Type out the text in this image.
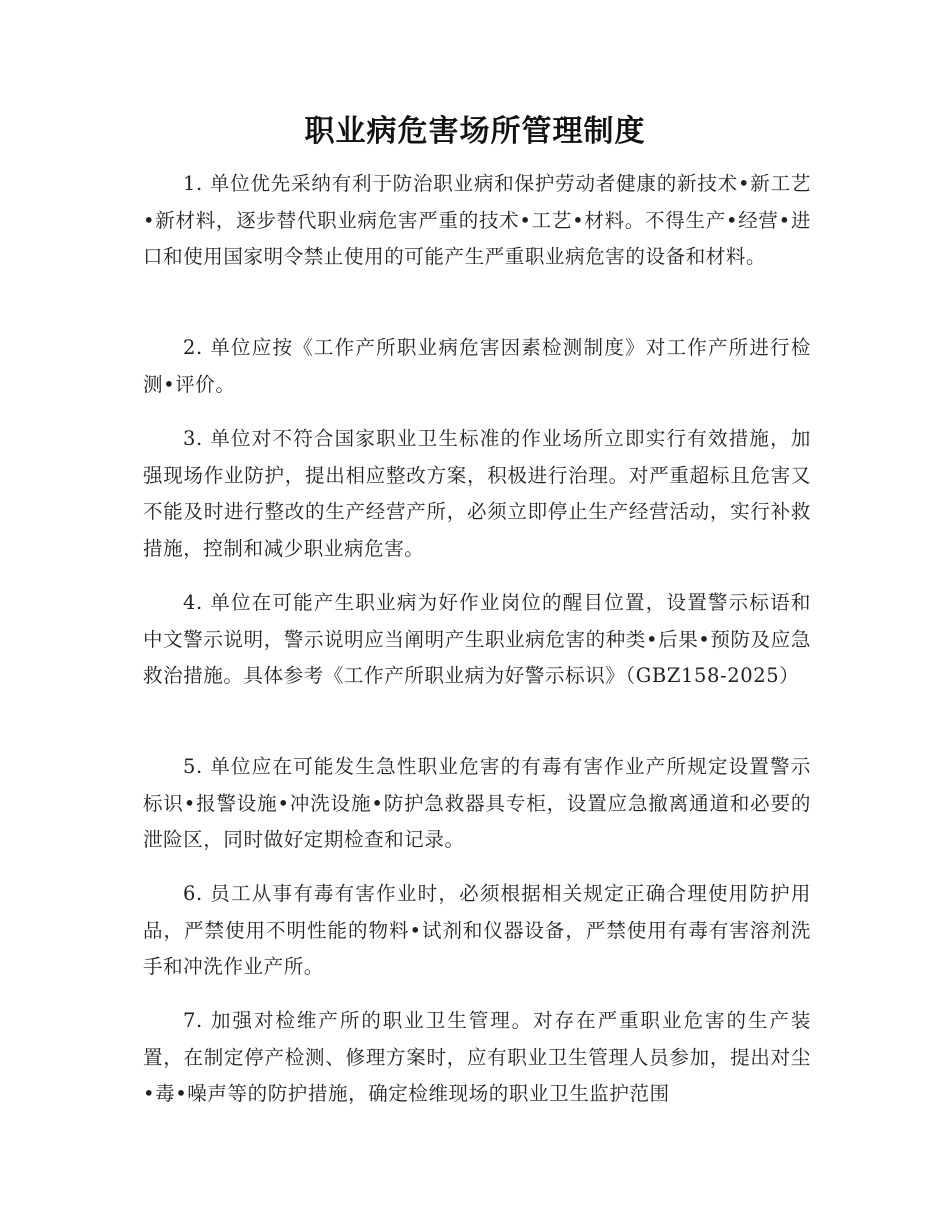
职业病危害场所管理制度

1. 单位优先采纳有利于防治职业病和保护劳动者健康的新技术•新工艺•新材料，逐步替代职业病危害严重的技术•工艺•材料。不得生产•经营•进口和使用国家明令禁止使用的可能产生严重职业病危害的设备和材料。

2. 单位应按《工作产所职业病危害因素检测制度》对工作产所进行检测•评价。

3. 单位对不符合国家职业卫生标准的作业场所立即实行有效措施，加强现场作业防护，提出相应整改方案，积极进行治理。对严重超标且危害又不能及时进行整改的生产经营产所，必须立即停止生产经营活动，实行补救措施，控制和减少职业病危害。

4. 单位在可能产生职业病为好作业岗位的醒目位置，设置警示标语和中文警示说明，警示说明应当阐明产生职业病危害的种类•后果•预防及应急救治措施。具体参考《工作产所职业病为好警示标识》（GBZ158-2025）

5. 单位应在可能发生急性职业危害的有毒有害作业产所规定设置警示标识•报警设施•冲洗设施•防护急救器具专柜，设置应急撤离通道和必要的泄险区，同时做好定期检查和记录。

6. 员工从事有毒有害作业时，必须根据相关规定正确合理使用防护用品，严禁使用不明性能的物料•试剂和仪器设备，严禁使用有毒有害溶剂洗手和冲洗作业产所。

7. 加强对检维产所的职业卫生管理。对存在严重职业危害的生产装置，在制定停产检测、修理方案时，应有职业卫生管理人员参加，提出对尘•毒•噪声等的防护措施，确定检维现场的职业卫生监护范围
